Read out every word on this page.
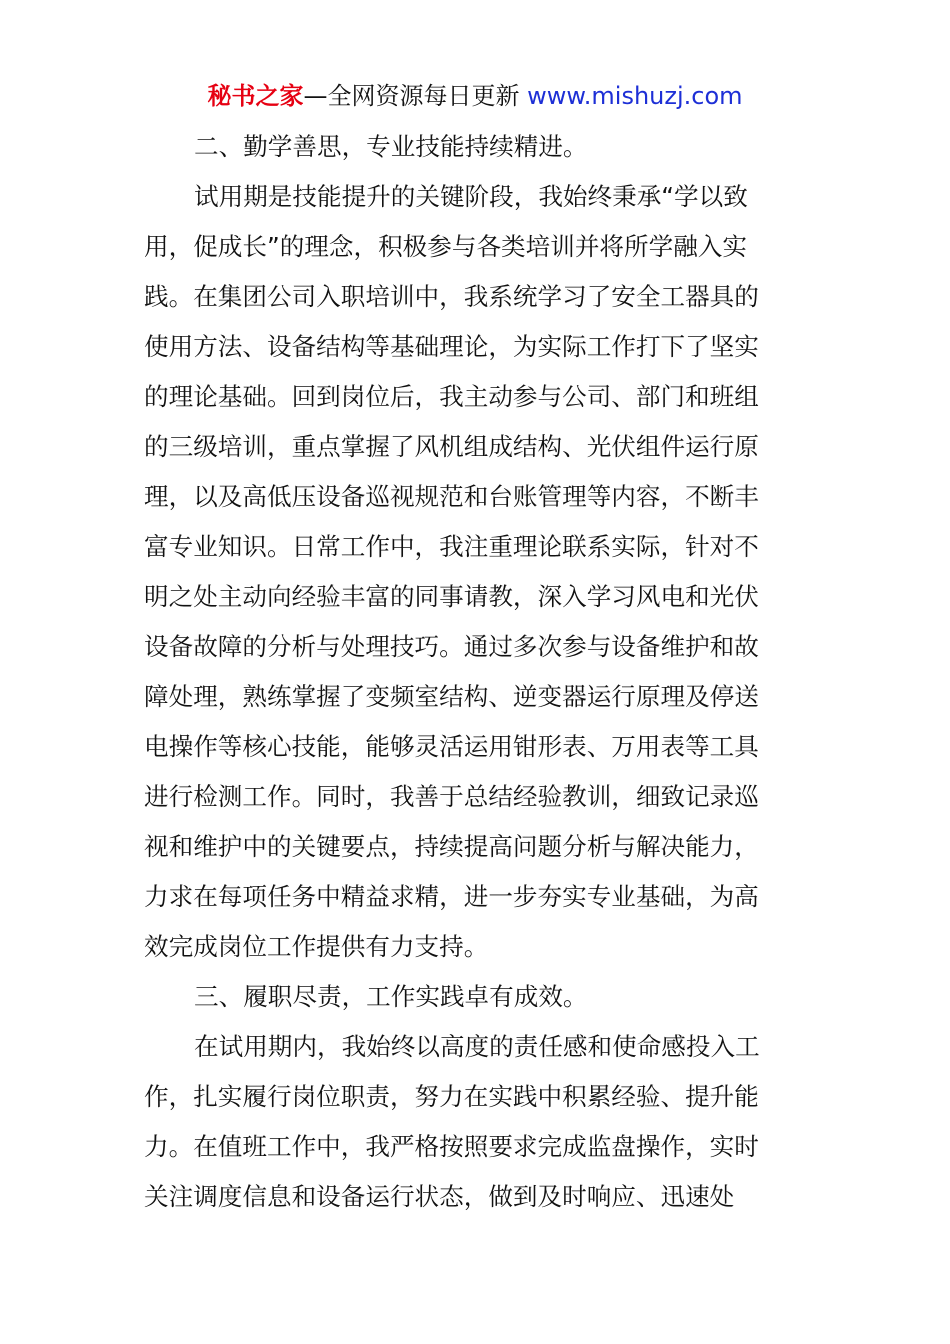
秘书之家—全网资源每日更新 www.mishuzj.com
二、勤学善思，专业技能持续精进。
试用期是技能提升的关键阶段，我始终秉承“学以致
用，促成长”的理念，积极参与各类培训并将所学融入实
践。在集团公司入职培训中，我系统学习了安全工器具的
使用方法、设备结构等基础理论，为实际工作打下了坚实
的理论基础。回到岗位后，我主动参与公司、部门和班组
的三级培训，重点掌握了风机组成结构、光伏组件运行原
理，以及高低压设备巡视规范和台账管理等内容，不断丰
富专业知识。日常工作中，我注重理论联系实际，针对不
明之处主动向经验丰富的同事请教，深入学习风电和光伏
设备故障的分析与处理技巧。通过多次参与设备维护和故
障处理，熟练掌握了变频室结构、逆变器运行原理及停送
电操作等核心技能，能够灵活运用钳形表、万用表等工具
进行检测工作。同时，我善于总结经验教训，细致记录巡
视和维护中的关键要点，持续提高问题分析与解决能力，
力求在每项任务中精益求精，进一步夯实专业基础，为高
效完成岗位工作提供有力支持。
三、履职尽责，工作实践卓有成效。
在试用期内，我始终以高度的责任感和使命感投入工
作，扎实履行岗位职责，努力在实践中积累经验、提升能
力。在值班工作中，我严格按照要求完成监盘操作，实时
关注调度信息和设备运行状态，做到及时响应、迅速处
